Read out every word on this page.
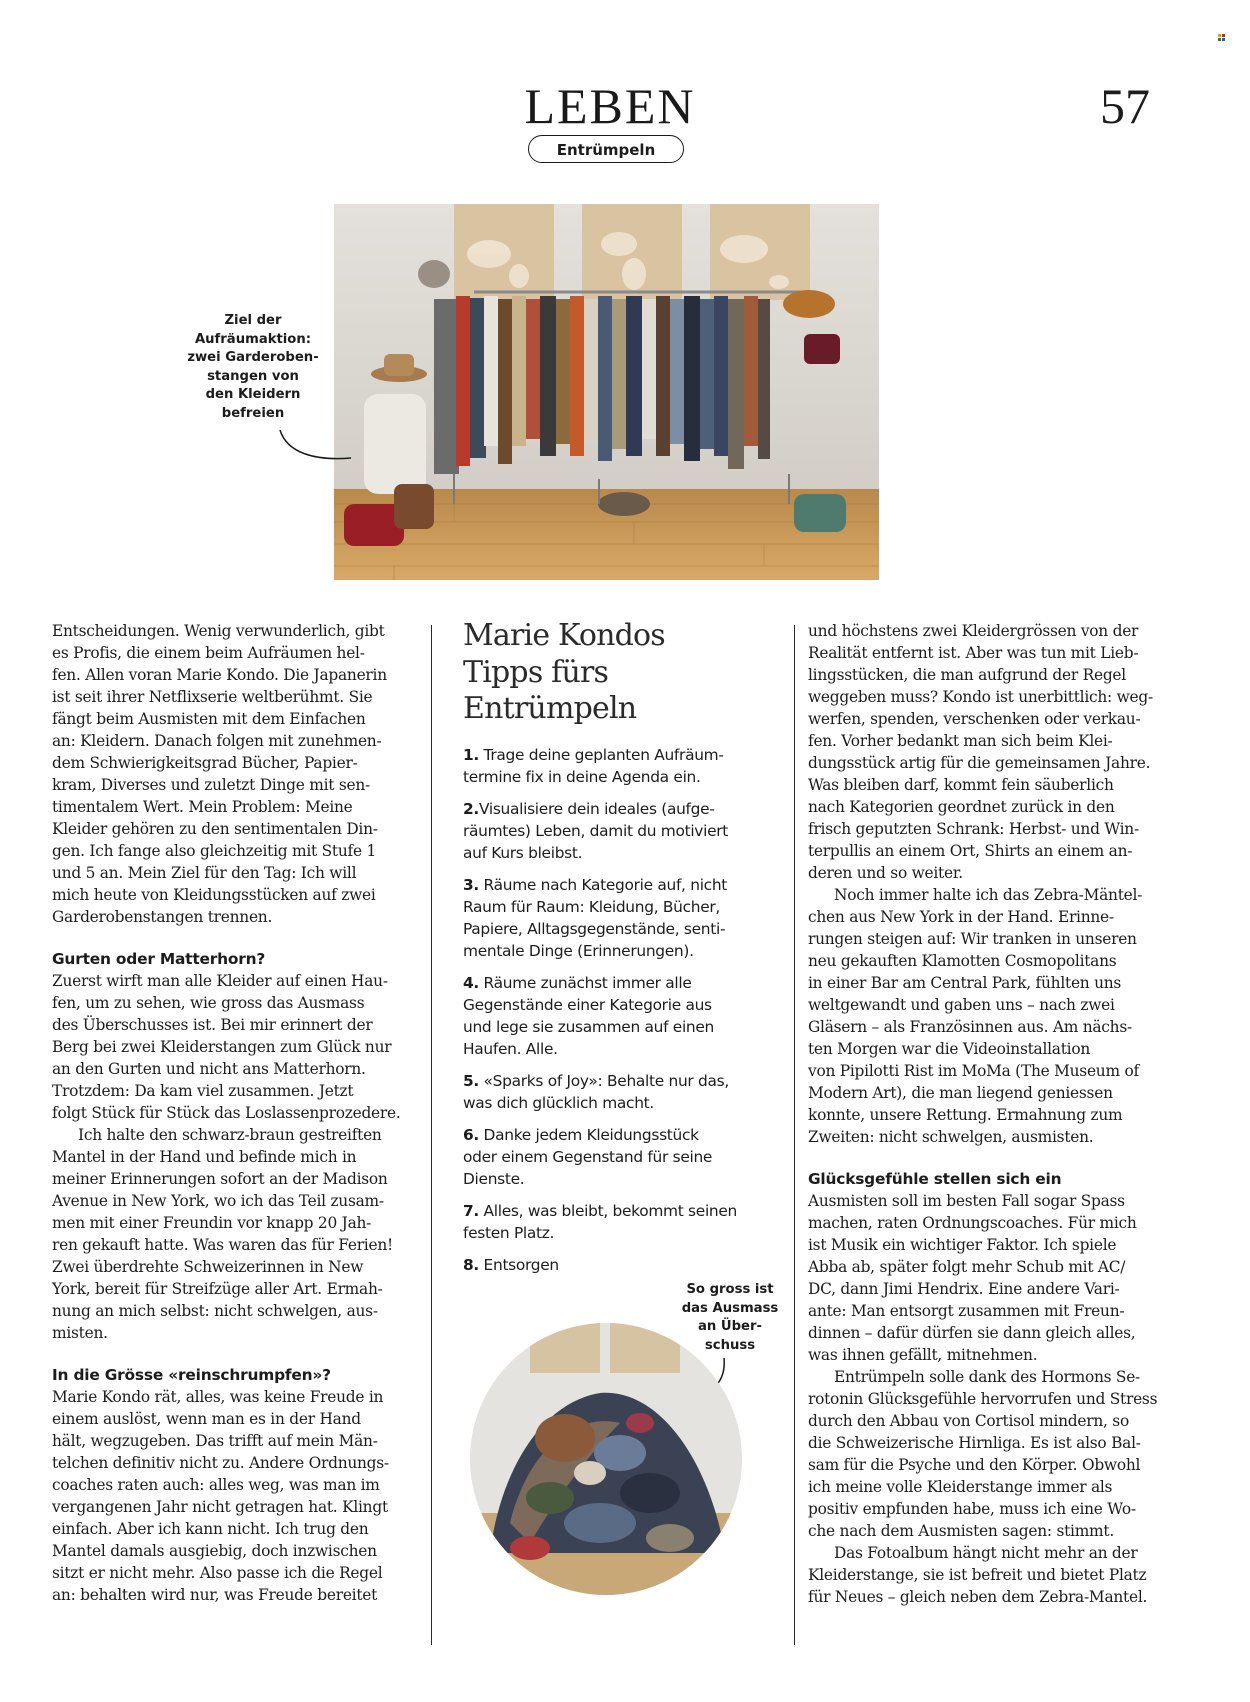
LEBEN
Entrümpeln
57
Ziel der
Aufräumaktion:
zwei Garderoben-
stangen von
den Kleidern
befreien

Entscheidungen. Wenig verwunderlich, gibt

es Profis, die einem beim Aufräumen hel-

fen. Allen voran Marie Kondo. Die Japanerin

ist seit ihrer Netflixserie weltberühmt. Sie

fängt beim Ausmisten mit dem Einfachen

an: Kleidern. Danach folgen mit zunehmen-

dem Schwierigkeitsgrad Bücher, Papier-

kram, Diverses und zuletzt Dinge mit sen-

timentalem Wert. Mein Problem: Meine

Kleider gehören zu den sentimentalen Din-

gen. Ich fange also gleichzeitig mit Stufe 1

und 5 an. Mein Ziel für den Tag: Ich will

mich heute von Kleidungsstücken auf zwei

Garderobenstangen trennen.

Gurten oder Matterhorn?

Zuerst wirft man alle Kleider auf einen Hau-

fen, um zu sehen, wie gross das Ausmass

des Überschusses ist. Bei mir erinnert der

Berg bei zwei Kleiderstangen zum Glück nur

an den Gurten und nicht ans Matterhorn.

Trotzdem: Da kam viel zusammen. Jetzt

folgt Stück für Stück das Loslassenprozedere.

Ich halte den schwarz-braun gestreiften

Mantel in der Hand und befinde mich in

meiner Erinnerungen sofort an der Madison

Avenue in New York, wo ich das Teil zusam-

men mit einer Freundin vor knapp 20 Jah-

ren gekauft hatte. Was waren das für Ferien!

Zwei überdrehte Schweizerinnen in New

York, bereit für Streifzüge aller Art. Ermah-

nung an mich selbst: nicht schwelgen, aus-

misten.

In die Grösse «reinschrumpfen»?

Marie Kondo rät, alles, was keine Freude in

einem auslöst, wenn man es in der Hand

hält, wegzugeben. Das trifft auf mein Män-

telchen definitiv nicht zu. Andere Ordnungs-

coaches raten auch: alles weg, was man im

vergangenen Jahr nicht getragen hat. Klingt

einfach. Aber ich kann nicht. Ich trug den

Mantel damals ausgiebig, doch inzwischen

sitzt er nicht mehr. Also passe ich die Regel

an: behalten wird nur, was Freude bereitet

Marie Kondos
Tipps fürs
Entrümpeln
1. Trage deine geplanten Aufräum-
termine fix in deine Agenda ein.
2.Visualisiere dein ideales (aufge-
räumtes) Leben, damit du motiviert
auf Kurs bleibst.
3. Räume nach Kategorie auf, nicht
Raum für Raum: Kleidung, Bücher,
Papiere, Alltagsgegenstände, senti-
mentale Dinge (Erinnerungen).
4. Räume zunächst immer alle
Gegenstände einer Kategorie aus
und lege sie zusammen auf einen
Haufen. Alle.
5. «Sparks of Joy»: Behalte nur das,
was dich glücklich macht.
6. Danke jedem Kleidungsstück
oder einem Gegenstand für seine
Dienste.
7. Alles, was bleibt, bekommt seinen
festen Platz.
8. Entsorgen
So gross ist
das Ausmass
an Über-
schuss

und höchstens zwei Kleidergrössen von der

Realität entfernt ist. Aber was tun mit Lieb-

lingsstücken, die man aufgrund der Regel

weggeben muss? Kondo ist unerbittlich: weg-

werfen, spenden, verschenken oder verkau-

fen. Vorher bedankt man sich beim Klei-

dungsstück artig für die gemeinsamen Jahre.

Was bleiben darf, kommt fein säuberlich

nach Kategorien geordnet zurück in den

frisch geputzten Schrank: Herbst- und Win-

terpullis an einem Ort, Shirts an einem an-

deren und so weiter.

Noch immer halte ich das Zebra-Mäntel-

chen aus New York in der Hand. Erinne-

rungen steigen auf: Wir tranken in unseren

neu gekauften Klamotten Cosmopolitans

in einer Bar am Central Park, fühlten uns

weltgewandt und gaben uns – nach zwei

Gläsern – als Französinnen aus. Am nächs-

ten Morgen war die Videoinstallation

von Pipilotti Rist im MoMa (The Museum of

Modern Art), die man liegend geniessen

konnte, unsere Rettung. Ermahnung zum

Zweiten: nicht schwelgen, ausmisten.

Glücksgefühle stellen sich ein

Ausmisten soll im besten Fall sogar Spass

machen, raten Ordnungscoaches. Für mich

ist Musik ein wichtiger Faktor. Ich spiele

Abba ab, später folgt mehr Schub mit AC/

DC, dann Jimi Hendrix. Eine andere Vari-

ante: Man entsorgt zusammen mit Freun-

dinnen – dafür dürfen sie dann gleich alles,

was ihnen gefällt, mitnehmen.

Entrümpeln solle dank des Hormons Se-

rotonin Glücksgefühle hervorrufen und Stress

durch den Abbau von Cortisol mindern, so

die Schweizerische Hirnliga. Es ist also Bal-

sam für die Psyche und den Körper. Obwohl

ich meine volle Kleiderstange immer als

positiv empfunden habe, muss ich eine Wo-

che nach dem Ausmisten sagen: stimmt.

Das Fotoalbum hängt nicht mehr an der

Kleiderstange, sie ist befreit und bietet Platz

für Neues – gleich neben dem Zebra-Mantel.
